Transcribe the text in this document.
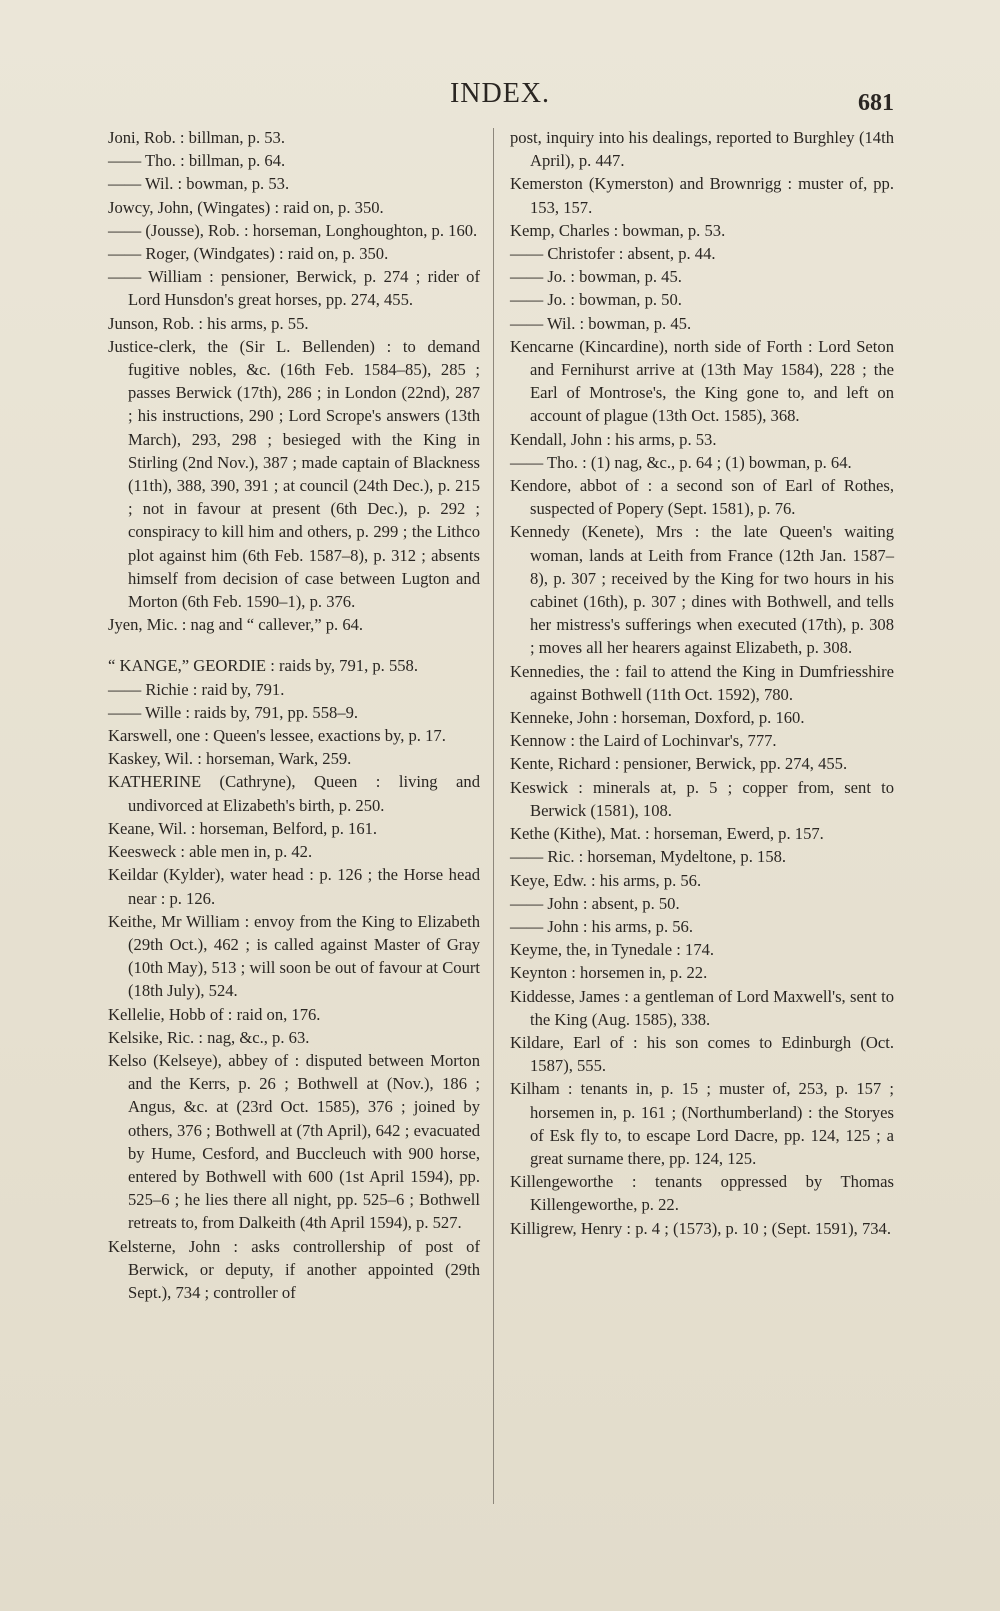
INDEX.	681

Joni, Rob. : billman, p. 53.

—— Tho. : billman, p. 64.

—— Wil. : bowman, p. 53.

Jowcy, John, (Wingates) : raid on, p. 350.

—— (Jousse), Rob. : horseman, Longhoughton, p. 160.

—— Roger, (Windgates) : raid on, p. 350.

—— William : pensioner, Berwick, p. 274 ; rider of Lord Hunsdon's great horses, pp. 274, 455.

Junson, Rob. : his arms, p. 55.

Justice-clerk, the (Sir L. Bellenden) : to demand fugitive nobles, &c. (16th Feb. 1584–85), 285 ; passes Berwick (17th), 286 ; in London (22nd), 287 ; his instructions, 290 ; Lord Scrope's answers (13th March), 293, 298 ; besieged with the King in Stirling (2nd Nov.), 387 ; made captain of Blackness (11th), 388, 390, 391 ; at council (24th Dec.), p. 215 ; not in favour at present (6th Dec.), p. 292 ; conspiracy to kill him and others, p. 299 ; the Lithco plot against him (6th Feb. 1587–8), p. 312 ; absents himself from decision of case between Lugton and Morton (6th Feb. 1590–1), p. 376.

Jyen, Mic. : nag and “ callever,” p. 64.

“ KANGE,” GEORDIE : raids by, 791, p. 558.

—— Richie : raid by, 791.

—— Wille : raids by, 791, pp. 558–9.

Karswell, one : Queen's lessee, exactions by, p. 17.

Kaskey, Wil. : horseman, Wark, 259.

KATHERINE (Cathryne), Queen : living and undivorced at Elizabeth's birth, p. 250.

Keane, Wil. : horseman, Belford, p. 161.

Keesweck : able men in, p. 42.

Keildar (Kylder), water head : p. 126 ; the Horse head near : p. 126.

Keithe, Mr William : envoy from the King to Elizabeth (29th Oct.), 462 ; is called against Master of Gray (10th May), 513 ; will soon be out of favour at Court (18th July), 524.

Kellelie, Hobb of : raid on, 176.

Kelsike, Ric. : nag, &c., p. 63.

Kelso (Kelseye), abbey of : disputed between Morton and the Kerrs, p. 26 ; Bothwell at (Nov.), 186 ; Angus, &c. at (23rd Oct. 1585), 376 ; joined by others, 376 ; Bothwell at (7th April), 642 ; evacuated by Hume, Cesford, and Buccleuch with 900 horse, entered by Bothwell with 600 (1st April 1594), pp. 525–6 ; he lies there all night, pp. 525–6 ; Bothwell retreats to, from Dalkeith (4th April 1594), p. 527.

Kelsterne, John : asks controllership of post of Berwick, or deputy, if another appointed (29th Sept.), 734 ; controller of

post, inquiry into his dealings, reported to Burghley (14th April), p. 447.

Kemerston (Kymerston) and Brownrigg : muster of, pp. 153, 157.

Kemp, Charles : bowman, p. 53.

—— Christofer : absent, p. 44.

—— Jo. : bowman, p. 45.

—— Jo. : bowman, p. 50.

—— Wil. : bowman, p. 45.

Kencarne (Kincardine), north side of Forth : Lord Seton and Fernihurst arrive at (13th May 1584), 228 ; the Earl of Montrose's, the King gone to, and left on account of plague (13th Oct. 1585), 368.

Kendall, John : his arms, p. 53.

—— Tho. : (1) nag, &c., p. 64 ; (1) bowman, p. 64.

Kendore, abbot of : a second son of Earl of Rothes, suspected of Popery (Sept. 1581), p. 76.

Kennedy (Kenete), Mrs : the late Queen's waiting woman, lands at Leith from France (12th Jan. 1587–8), p. 307 ; received by the King for two hours in his cabinet (16th), p. 307 ; dines with Bothwell, and tells her mistress's sufferings when executed (17th), p. 308 ; moves all her hearers against Elizabeth, p. 308.

Kennedies, the : fail to attend the King in Dumfriesshire against Bothwell (11th Oct. 1592), 780.

Kenneke, John : horseman, Doxford, p. 160.

Kennow : the Laird of Lochinvar's, 777.

Kente, Richard : pensioner, Berwick, pp. 274, 455.

Keswick : minerals at, p. 5 ; copper from, sent to Berwick (1581), 108.

Kethe (Kithe), Mat. : horseman, Ewerd, p. 157.

—— Ric. : horseman, Mydeltone, p. 158.

Keye, Edw. : his arms, p. 56.

—— John : absent, p. 50.

—— John : his arms, p. 56.

Keyme, the, in Tynedale : 174.

Keynton : horsemen in, p. 22.

Kiddesse, James : a gentleman of Lord Maxwell's, sent to the King (Aug. 1585), 338.

Kildare, Earl of : his son comes to Edinburgh (Oct. 1587), 555.

Kilham : tenants in, p. 15 ; muster of, 253, p. 157 ; horsemen in, p. 161 ; (Northumberland) : the Storyes of Esk fly to, to escape Lord Dacre, pp. 124, 125 ; a great surname there, pp. 124, 125.

Killengeworthe : tenants oppressed by Thomas Killengeworthe, p. 22.

Killigrew, Henry : p. 4 ; (1573), p. 10 ; (Sept. 1591), 734.
